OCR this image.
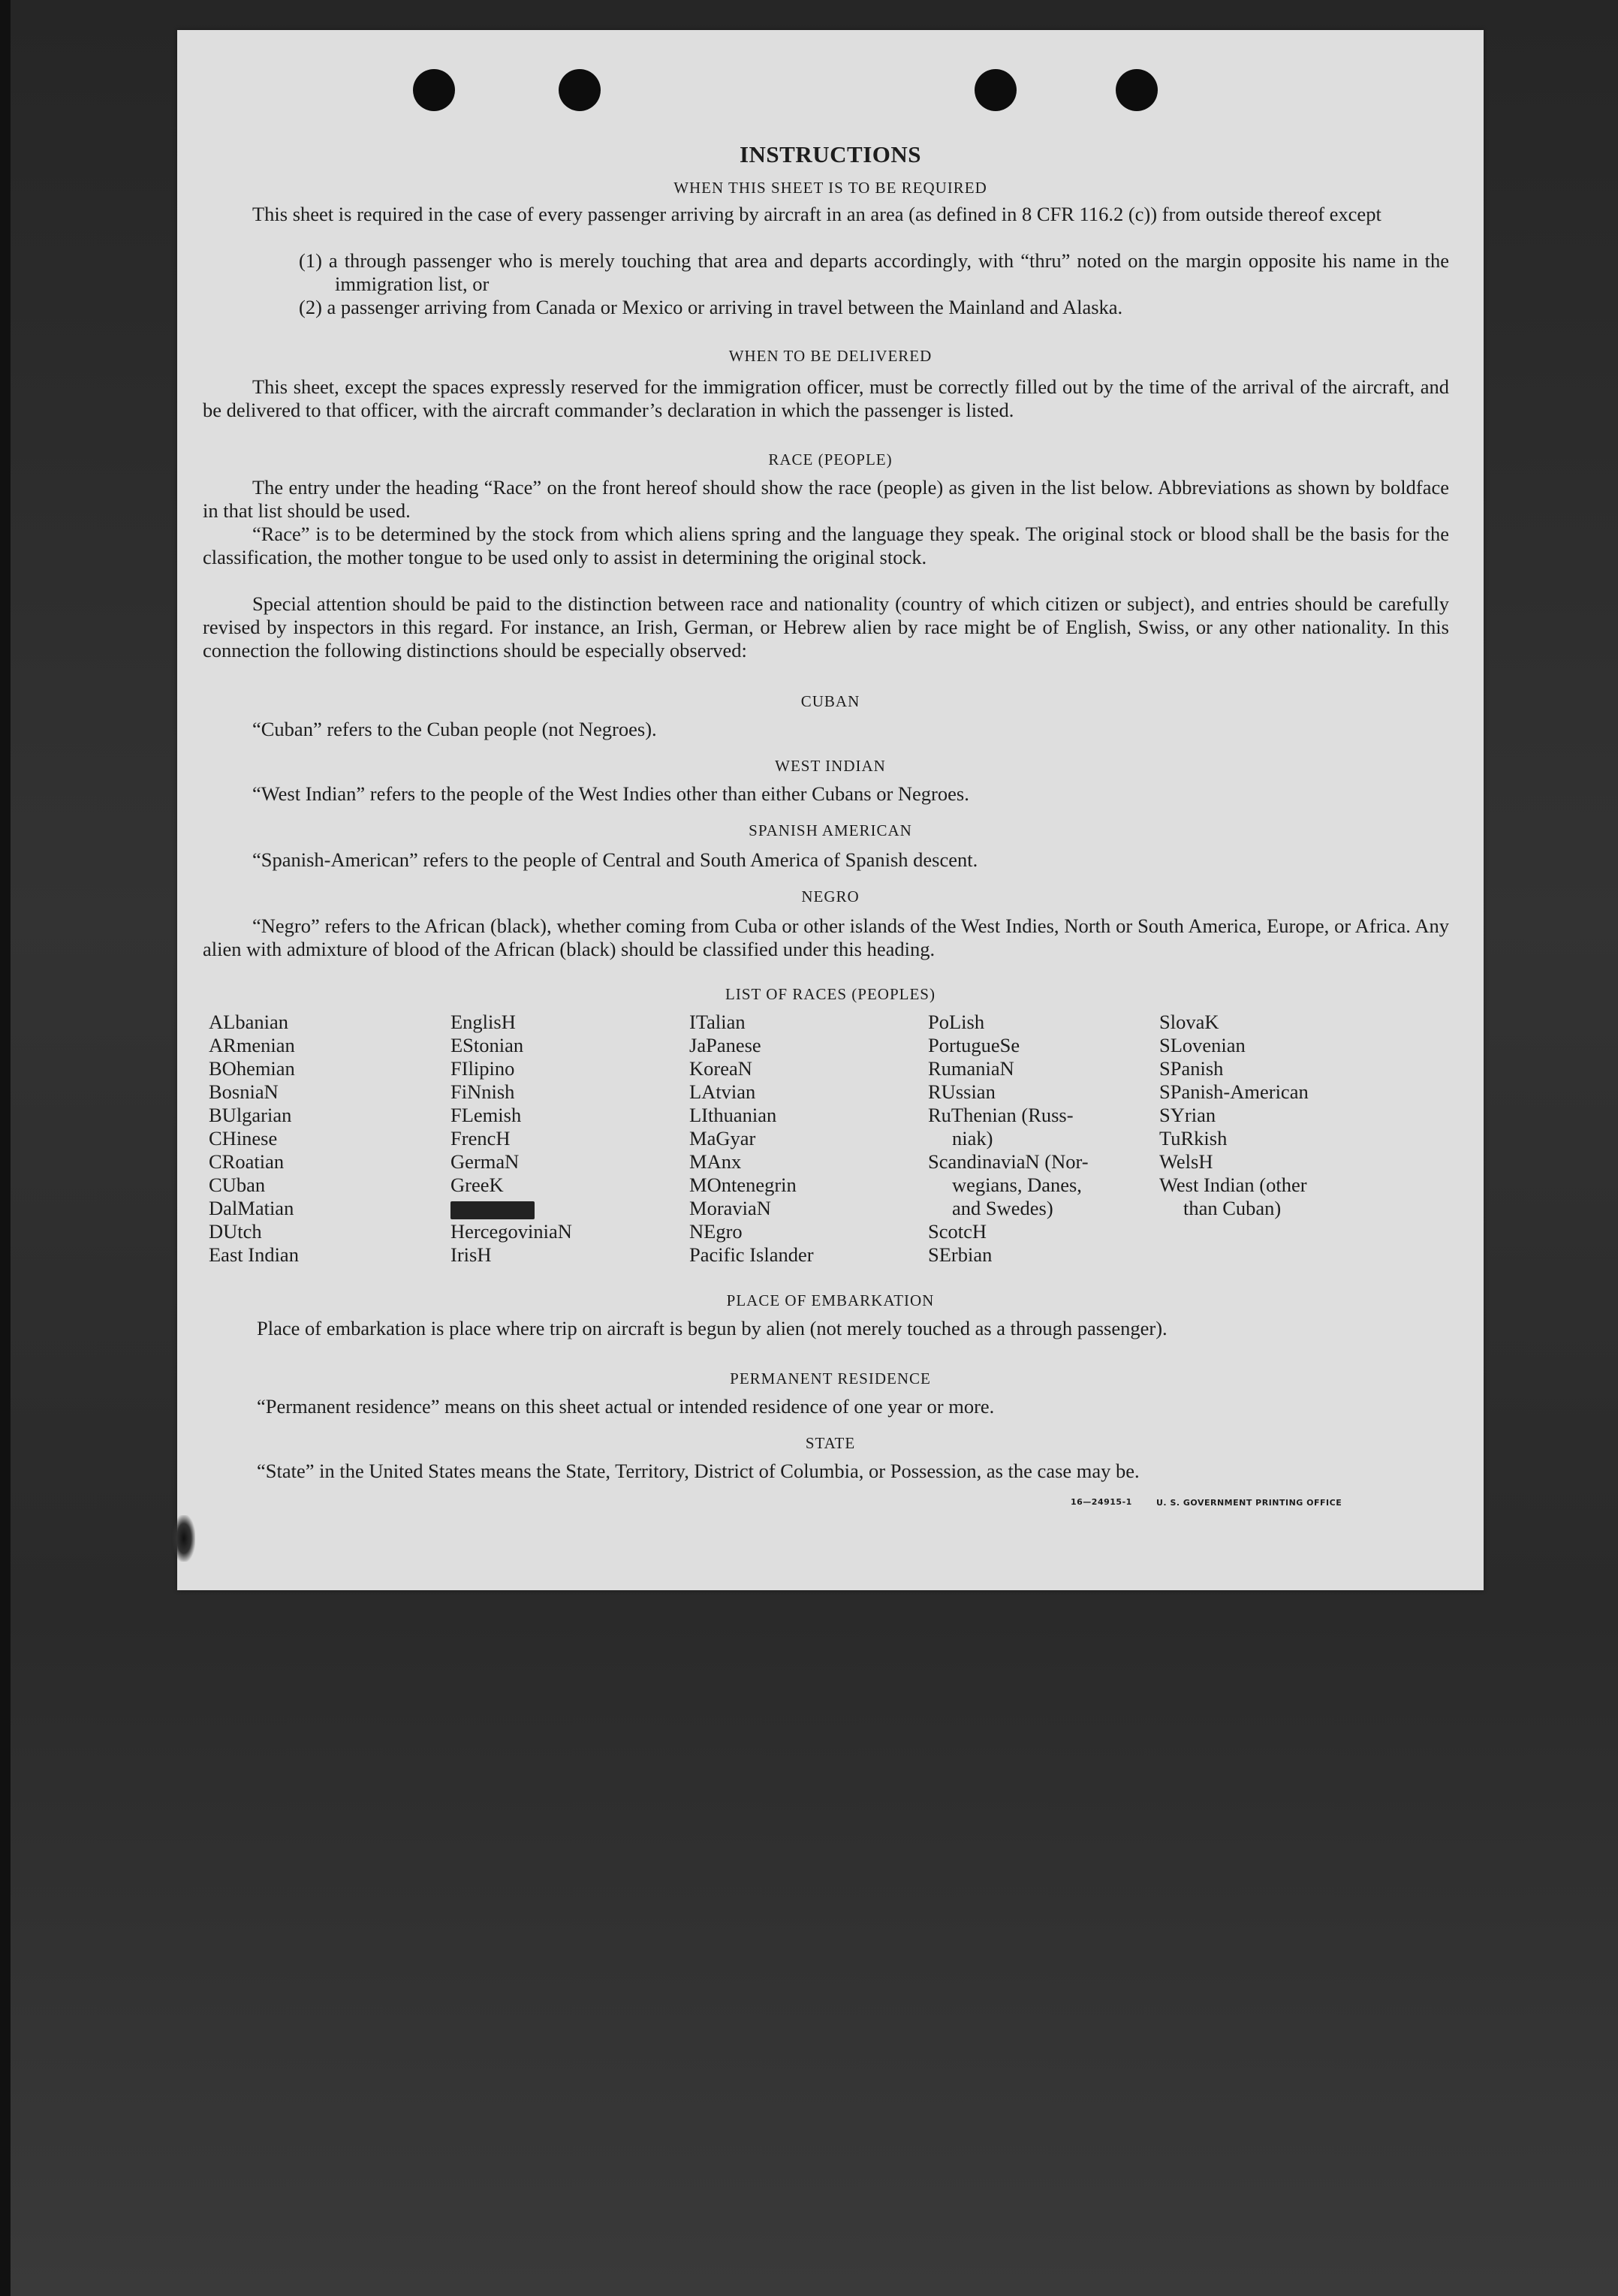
INSTRUCTIONS
WHEN THIS SHEET IS TO BE REQUIRED
This sheet is required in the case of every passenger arriving by aircraft in an area (as defined in 8 CFR 116.2 (c)) from outside thereof except
(1) a through passenger who is merely touching that area and departs accordingly, with “thru” noted on the margin opposite his name in the immigration list, or
(2) a passenger arriving from Canada or Mexico or arriving in travel between the Mainland and Alaska.
WHEN TO BE DELIVERED
This sheet, except the spaces expressly reserved for the immigration officer, must be correctly filled out by the time of the arrival of the aircraft, and be delivered to that officer, with the aircraft commander’s declaration in which the passenger is listed.
RACE (PEOPLE)
The entry under the heading “Race” on the front hereof should show the race (people) as given in the list below. Abbreviations as shown by boldface in that list should be used.
“Race” is to be determined by the stock from which aliens spring and the language they speak. The original stock or blood shall be the basis for the classification, the mother tongue to be used only to assist in determining the original stock.
Special attention should be paid to the distinction between race and nationality (country of which citizen or subject), and entries should be carefully revised by inspectors in this regard. For instance, an Irish, German, or Hebrew alien by race might be of English, Swiss, or any other nationality. In this connection the following distinctions should be especially observed:
CUBAN
“Cuban” refers to the Cuban people (not Negroes).
WEST INDIAN
“West Indian” refers to the people of the West Indies other than either Cubans or Negroes.
SPANISH AMERICAN
“Spanish-American” refers to the people of Central and South America of Spanish descent.
NEGRO
“Negro” refers to the African (black), whether coming from Cuba or other islands of the West Indies, North or South America, Europe, or Africa. Any alien with admixture of blood of the African (black) should be classified under this heading.
LIST OF RACES (PEOPLES)
ALbanian
ARmenian
BOhemian
BosniaN
BUlgarian
CHinese
CRoatian
CUban
DalMatian
DUtch
East Indian
EnglisH
EStonian
FIlipino
FiNnish
FLemish
FrencH
GermaN
GreeK
HercegoviniaN
IrisH
ITalian
JaPanese
KoreaN
LAtvian
LIthuanian
MaGyar
MAnx
MOntenegrin
MoraviaN
NEgro
Pacific Islander
PoLish
PortugueSe
RumaniaN
RUssian
RuThenian (Russ-
niak)
ScandinaviaN (Nor-
wegians, Danes,
and Swedes)
ScotcH
SErbian
SlovaK
SLovenian
SPanish
SPanish-American
SYrian
TuRkish
WelsH
West Indian (other
than Cuban)
PLACE OF EMBARKATION
Place of embarkation is place where trip on aircraft is begun by alien (not merely touched as a through passenger).
PERMANENT RESIDENCE
“Permanent residence” means on this sheet actual or intended residence of one year or more.
STATE
“State” in the United States means the State, Territory, District of Columbia, or Possession, as the case may be.
16—24915-1	U. S. GOVERNMENT PRINTING OFFICE
